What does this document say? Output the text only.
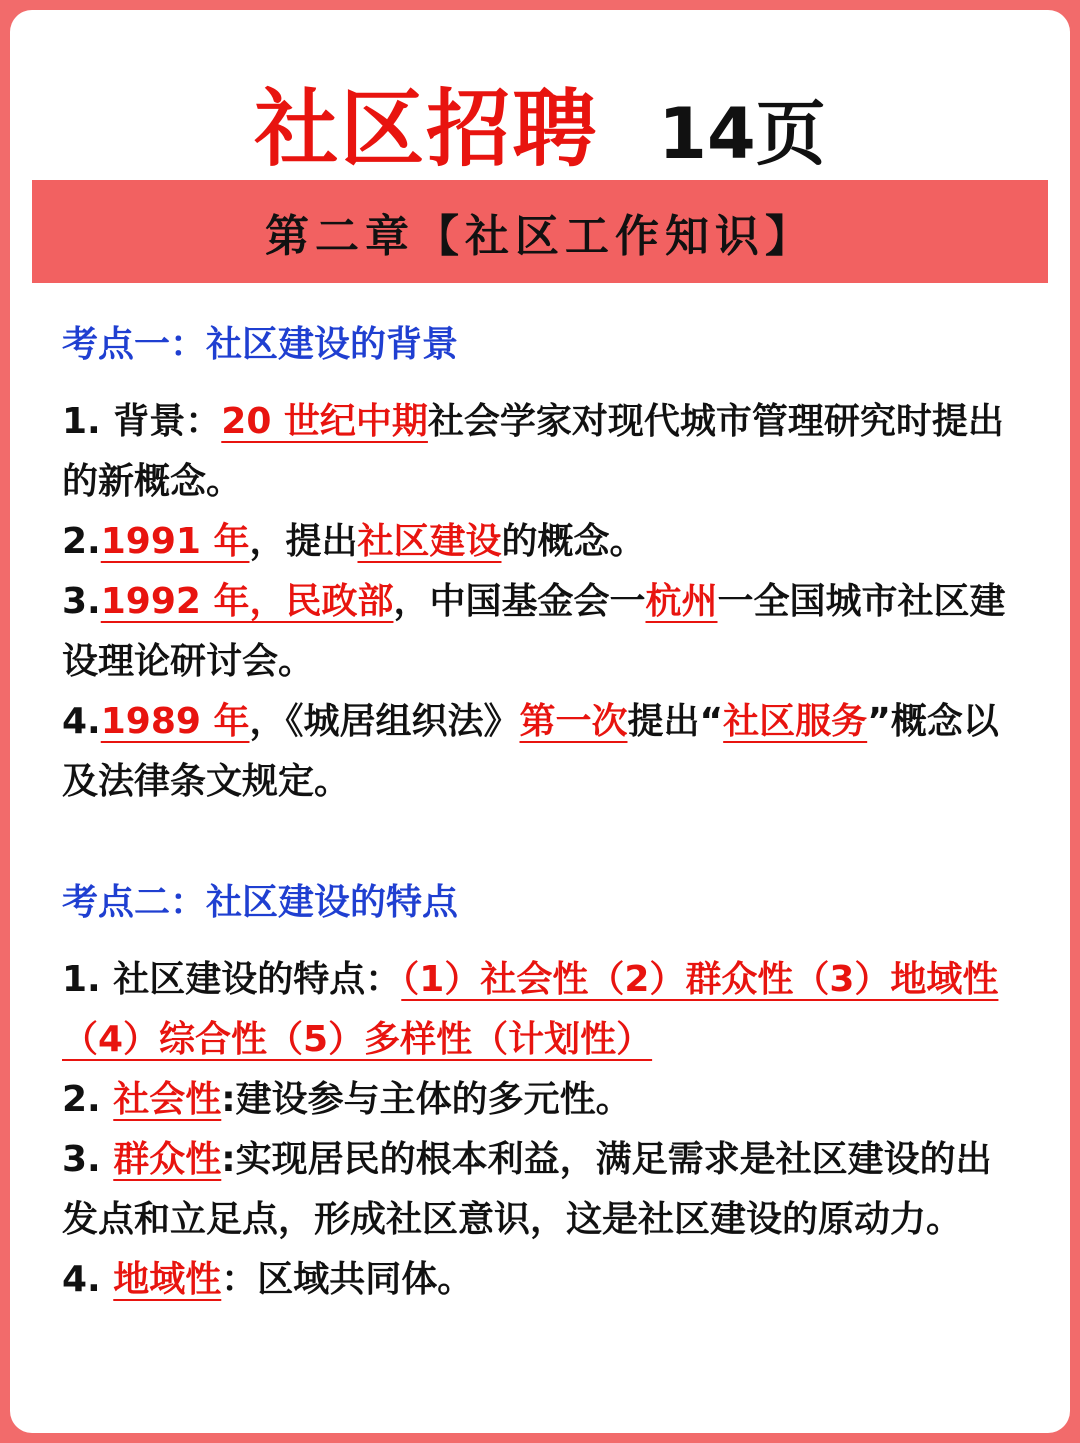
社区招聘 14页
第二章【社区工作知识】

考点一：社区建设的背景

1. 背景：20 世纪中期社会学家对现代城市管理研究时提出的新概念。

2.1991 年，提出社区建设的概念。

3.1992 年，民政部，中国基金会一杭州一全国城市社区建设理论研讨会。

4.1989 年，《城居组织法》第一次提出“社区服务”概念以及法律条文规定。

考点二：社区建设的特点

1. 社区建设的特点：（1）社会性（2）群众性（3）地域性（4）综合性（5）多样性（计划性）

2. 社会性:建设参与主体的多元性。

3. 群众性:实现居民的根本利益，满足需求是社区建设的出发点和立足点，形成社区意识，这是社区建设的原动力。

4. 地域性：区域共同体。
